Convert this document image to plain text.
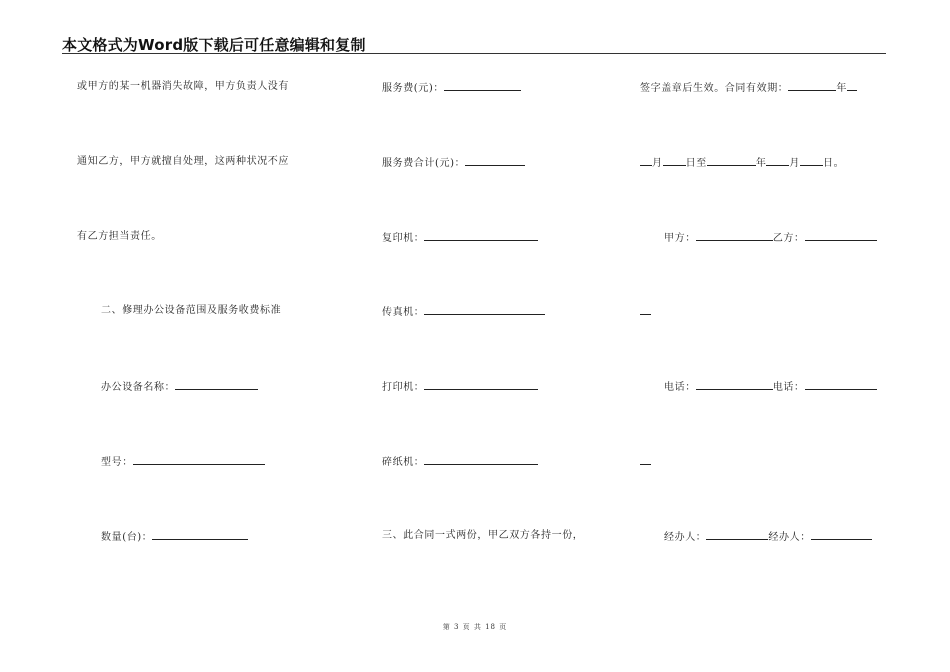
本文格式为Word版下载后可任意编辑和复制
或甲方的某一机器消失故障，甲方负责人没有
通知乙方，甲方就擅自处理，这两种状况不应
有乙方担当责任。
二、修理办公设备范围及服务收费标准
办公设备名称：
型号：
数量(台)：
服务费(元)：
服务费合计(元)：
复印机：
传真机：
打印机：
碎纸机：
三、此合同一式两份，甲乙双方各持一份，
签字盖章后生效。合同有效期：	年
月 日至	年 月 日。
甲方：	乙方：
电话：	电话：
经办人：	经办人：
第 3 页 共 18 页
